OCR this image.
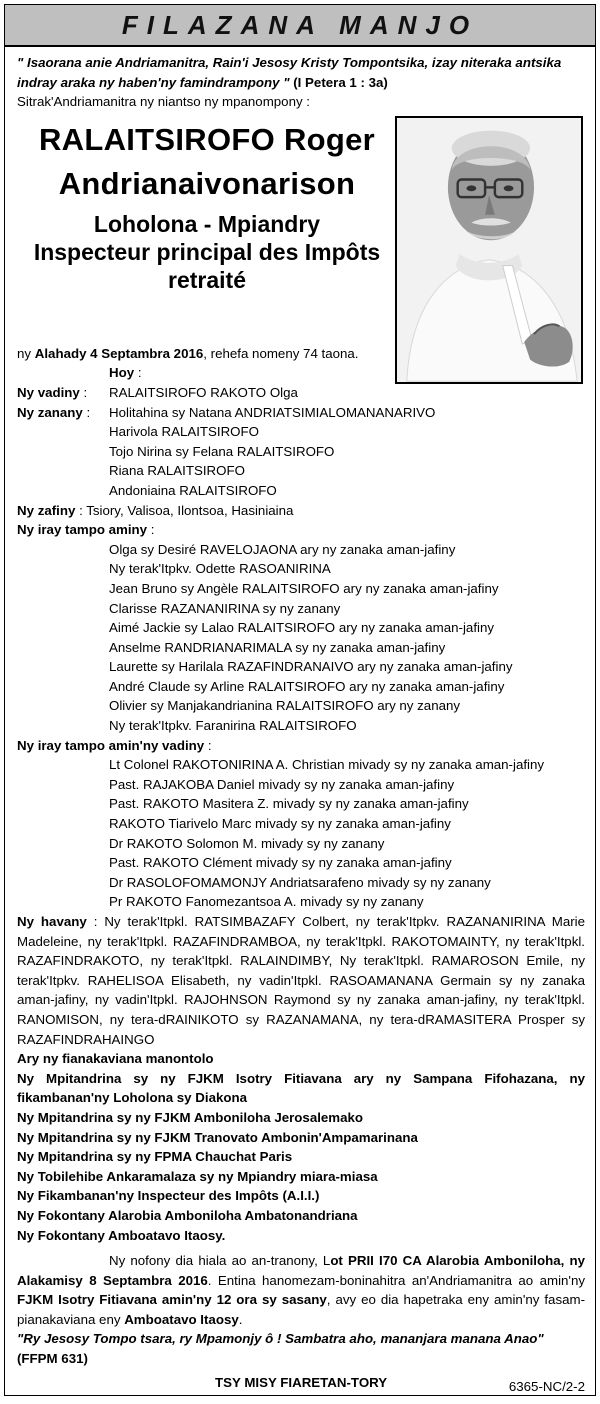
FILAZANA MANJO

" Isaorana anie Andriamanitra, Rain'i Jesosy Kristy Tompontsika, izay niteraka antsika indray araka ny haben'ny famindrampony " (I Petera 1 : 3a)

Sitrak'Andriamanitra ny niantso ny mpanompony :

RALAITSIROFO Roger
Andrianaivonarison
Loholona - Mpiandry
Inspecteur principal des Impôts
retraité

ny Alahady 4 Septambra 2016, rehefa nomeny 74 taona.

Hoy :

Ny vadiny :	RALAITSIROFO RAKOTO Olga
Ny zanany :	Holitahina sy Natana ANDRIATSIMIALOMANANARIVO

Harivola RALAITSIROFO

Tojo Nirina sy Felana RALAITSIROFO

Riana RALAITSIROFO

Andoniaina RALAITSIROFO

Ny zafiny : Tsiory, Valisoa, Ilontsoa, Hasiniaina

Ny iray tampo aminy :

Olga sy Desiré RAVELOJAONA ary ny zanaka aman-jafiny

Ny terak'Itpkv. Odette RASOANIRINA

Jean Bruno sy Angèle RALAITSIROFO ary ny zanaka aman-jafiny

Clarisse RAZANANIRINA sy ny zanany

Aimé Jackie sy Lalao RALAITSIROFO ary ny zanaka aman-jafiny

Anselme RANDRIANARIMALA sy ny zanaka aman-jafiny

Laurette sy Harilala RAZAFINDRANAIVO ary ny zanaka aman-jafiny

André Claude sy Arline RALAITSIROFO ary ny zanaka aman-jafiny

Olivier sy Manjakandrianina RALAITSIROFO ary ny zanany

Ny terak'Itpkv. Faranirina RALAITSIROFO

Ny iray tampo amin'ny vadiny :

Lt Colonel RAKOTONIRINA A. Christian mivady sy ny zanaka aman-jafiny

Past. RAJAKOBA Daniel mivady sy ny zanaka aman-jafiny

Past. RAKOTO Masitera Z. mivady sy ny zanaka aman-jafiny

RAKOTO Tiarivelo Marc mivady sy ny zanaka aman-jafiny

Dr RAKOTO Solomon M. mivady sy ny zanany

Past. RAKOTO Clément mivady sy ny zanaka aman-jafiny

Dr RASOLOFOMAMONJY Andriatsarafeno mivady sy ny zanany

Pr RAKOTO Fanomezantsoa A. mivady sy ny zanany

Ny havany : Ny terak'Itpkl. RATSIMBAZAFY Colbert, ny terak'Itpkv. RAZANANIRINA Marie Madeleine, ny terak'Itpkl. RAZAFINDRAMBOA, ny terak'Itpkl. RAKOTOMAINTY, ny terak'Itpkl. RAZAFINDRAKOTO, ny terak'Itpkl. RALAINDIMBY, Ny terak'Itpkl. RAMAROSON Emile, ny terak'Itpkv. RAHELISOA Elisabeth, ny vadin'Itpkl. RASOAMANANA Germain sy ny zanaka aman-jafiny, ny vadin'Itpkl. RAJOHNSON Raymond sy ny zanaka aman-jafiny, ny terak'Itpkl. RANOMISON, ny tera-dRAINIKOTO sy RAZANAMANA, ny tera-dRAMASITERA Prosper sy RAZAFINDRAHAINGO

Ary ny fianakaviana manontolo

Ny Mpitandrina sy ny FJKM Isotry Fitiavana ary ny Sampana Fifohazana, ny fikambanan'ny Loholona sy Diakona

Ny Mpitandrina sy ny FJKM Amboniloha Jerosalemako

Ny Mpitandrina sy ny FJKM Tranovato Ambonin'Ampamarinana

Ny Mpitandrina sy ny FPMA Chauchat Paris

Ny Tobilehibe Ankaramalaza sy ny Mpiandry miara-miasa

Ny Fikambanan'ny Inspecteur des Impôts (A.I.I.)

Ny Fokontany Alarobia Amboniloha Ambatonandriana

Ny Fokontany Amboatavo Itaosy.

Ny nofony dia hiala ao an-tranony, Lot PRII I70 CA Alarobia Amboniloha, ny Alakamisy 8 Septambra 2016. Entina hanomezam-boninahitra an'Andriamanitra ao amin'ny FJKM Isotry Fitiavana amin'ny 12 ora sy sasany, avy eo dia hapetraka eny amin'ny fasam-pianakaviana eny Amboatavo Itaosy.

"Ry Jesosy Tompo tsara, ry Mpamonjy ô ! Sambatra aho, mananjara manana Anao"

(FFPM 631)

TSY MISY FIARETAN-TORY	6365-NC/2-2
